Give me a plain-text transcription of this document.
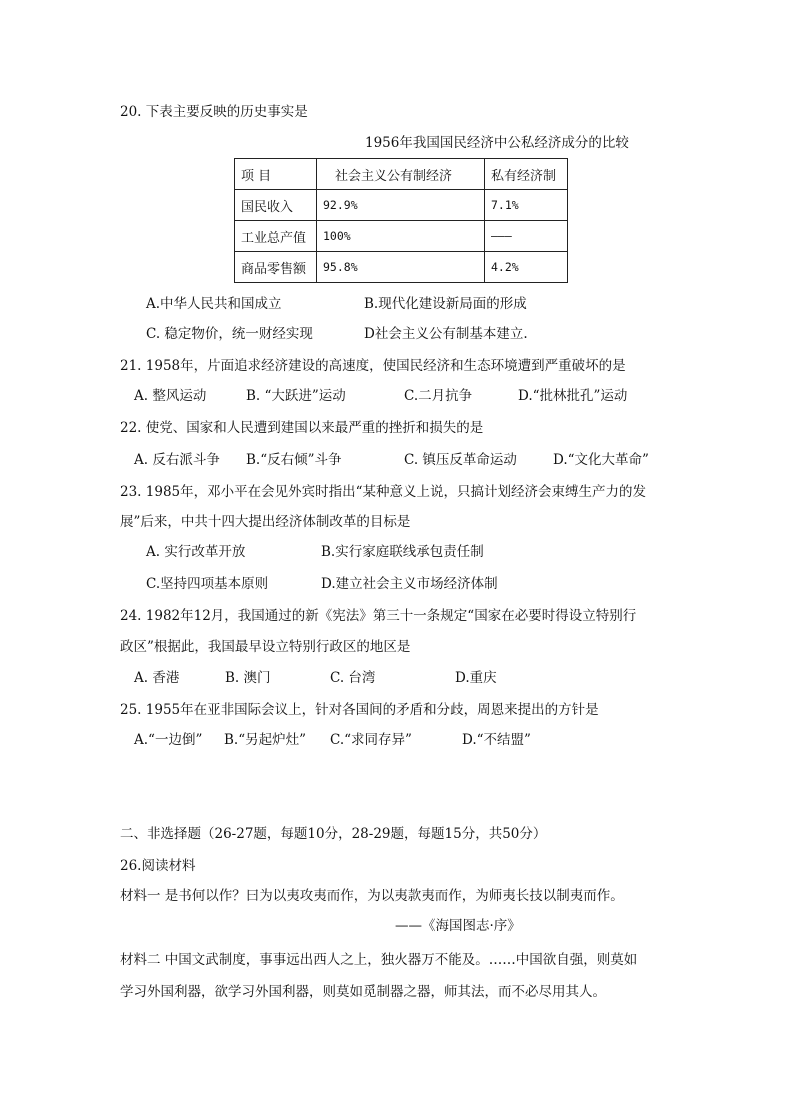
20. 下表主要反映的历史事实是
1956年我国国民经济中公私经济成分的比较
项 目	社会主义公有制经济	私有经济制
国民收入	92.9%	7.1%
工业总产值	100%	———
商品零售额	95.8%	4.2%
A.中华人民共和国成立	B.现代化建设新局面的形成
C. 稳定物价，统一财经实现	D社会主义公有制基本建立.
21. 1958年，片面追求经济建设的高速度，使国民经济和生态环境遭到严重破坏的是
A. 整风运动	B. “大跃进”运动	C.二月抗争	D.“批林批孔”运动
22. 使党、国家和人民遭到建国以来最严重的挫折和损失的是
A. 反右派斗争 B.“反右倾”斗争	C. 镇压反革命运动	D.“文化大革命”
23. 1985年，邓小平在会见外宾时指出“某种意义上说，只搞计划经济会束缚生产力的发
展”后来，中共十四大提出经济体制改革的目标是
A. 实行改革开放	B.实行家庭联线承包责任制
C.坚持四项基本原则	D.建立社会主义市场经济体制
24. 1982年12月，我国通过的新《宪法》第三十一条规定“国家在必要时得设立特别行
政区”根据此，我国最早设立特别行政区的地区是
A. 香港	B. 澳门	C. 台湾	D.重庆
25. 1955年在亚非国际会议上，针对各国间的矛盾和分歧，周恩来提出的方针是
A.“一边倒” B.“另起炉灶” C.“求同存异”	D.“不结盟”
二、非选择题（26-27题，每题10分，28-29题，每题15分，共50分）
26.阅读材料
材料一 是书何以作？曰为以夷攻夷而作，为以夷款夷而作，为师夷长技以制夷而作。
——《海国图志·序》
材料二 中国文武制度，事事远出西人之上，独火器万不能及。……中国欲自强，则莫如
学习外国利器，欲学习外国利器，则莫如觅制器之器，师其法，而不必尽用其人。
